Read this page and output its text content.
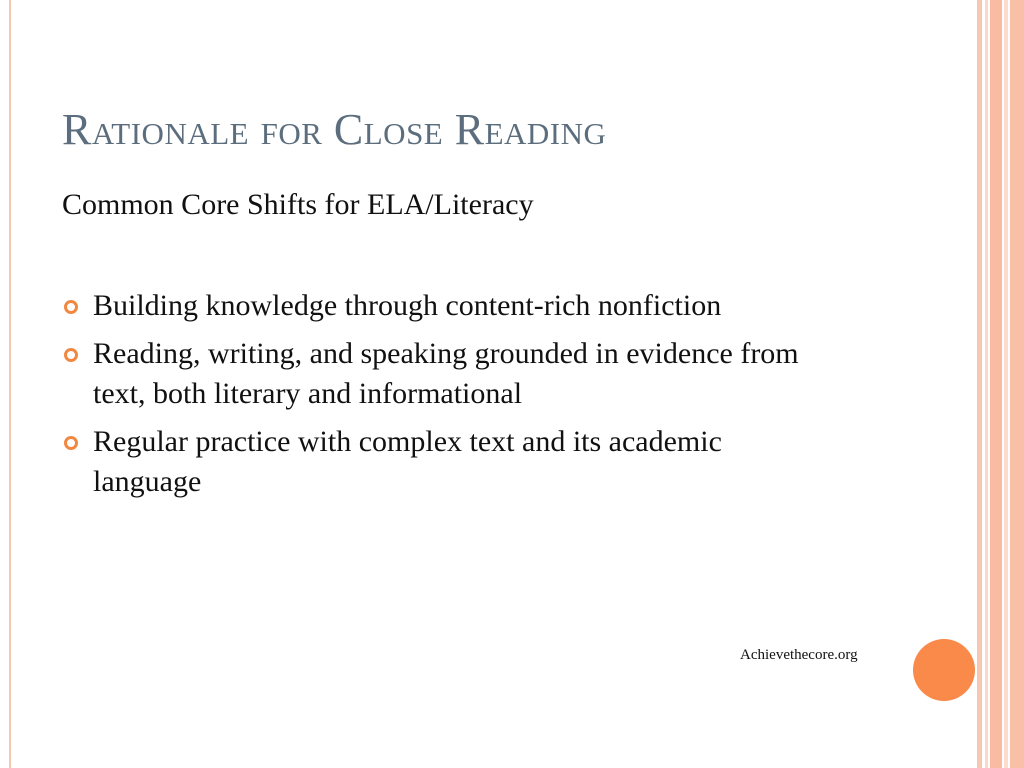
Rationale for Close Reading
Common Core Shifts for ELA/Literacy
Building knowledge through content-rich nonfiction
Reading, writing, and speaking grounded in evidence from text, both literary and informational
Regular practice with complex text and its academic language
Achievethecore.org
